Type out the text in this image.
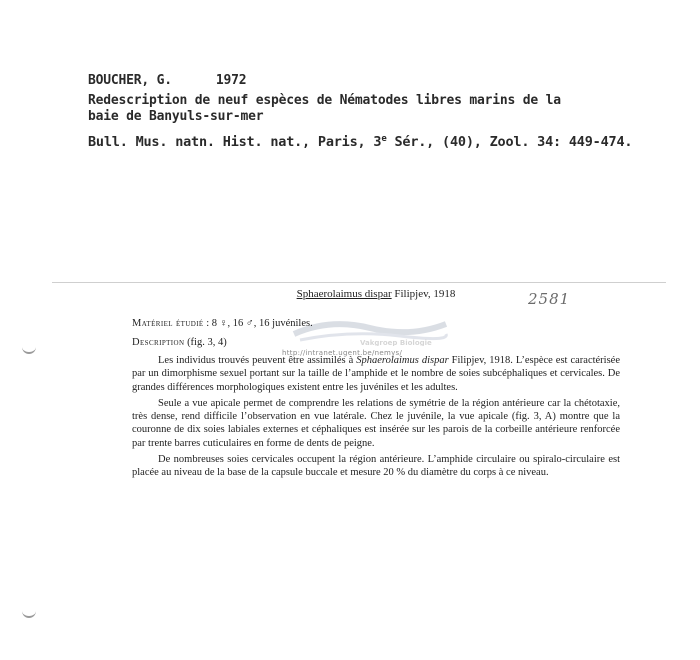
BOUCHER, G.	1972
Redescription de neuf espèces de Nématodes libres marins de la
baie de Banyuls-sur-mer
Bull. Mus. natn. Hist. nat., Paris, 3e Sér., (40), Zool. 34: 449-474.
2581
Vakgroep Biologie
http://intranet.ugent.be/nemys/
Sphaerolaimus dispar Filipjev, 1918
Matériel étudié : 8 ♀, 16 ♂, 16 juvéniles.
Description (fig. 3, 4)

Les individus trouvés peuvent être assimilés à Sphaerolaimus dispar Filipjev, 1918. L’espèce est caractérisée par un dimorphisme sexuel portant sur la taille de l’amphide et le nombre de soies subcéphaliques et cervicales. De grandes différences morphologiques existent entre les juvéniles et les adultes.

Seule a vue apicale permet de comprendre les relations de symétrie de la région antérieure car la chétotaxie, très dense, rend difficile l’observation en vue latérale. Chez le juvénile, la vue apicale (fig. 3, A) montre que la couronne de dix soies labiales externes et céphaliques est insérée sur les parois de la corbeille antérieure renforcée par trente barres cuticulaires en forme de dents de peigne.

De nombreuses soies cervicales occupent la région antérieure. L’amphide circulaire ou spiralo-circulaire est placée au niveau de la base de la capsule buccale et mesure 20 % du diamètre du corps à ce niveau.
